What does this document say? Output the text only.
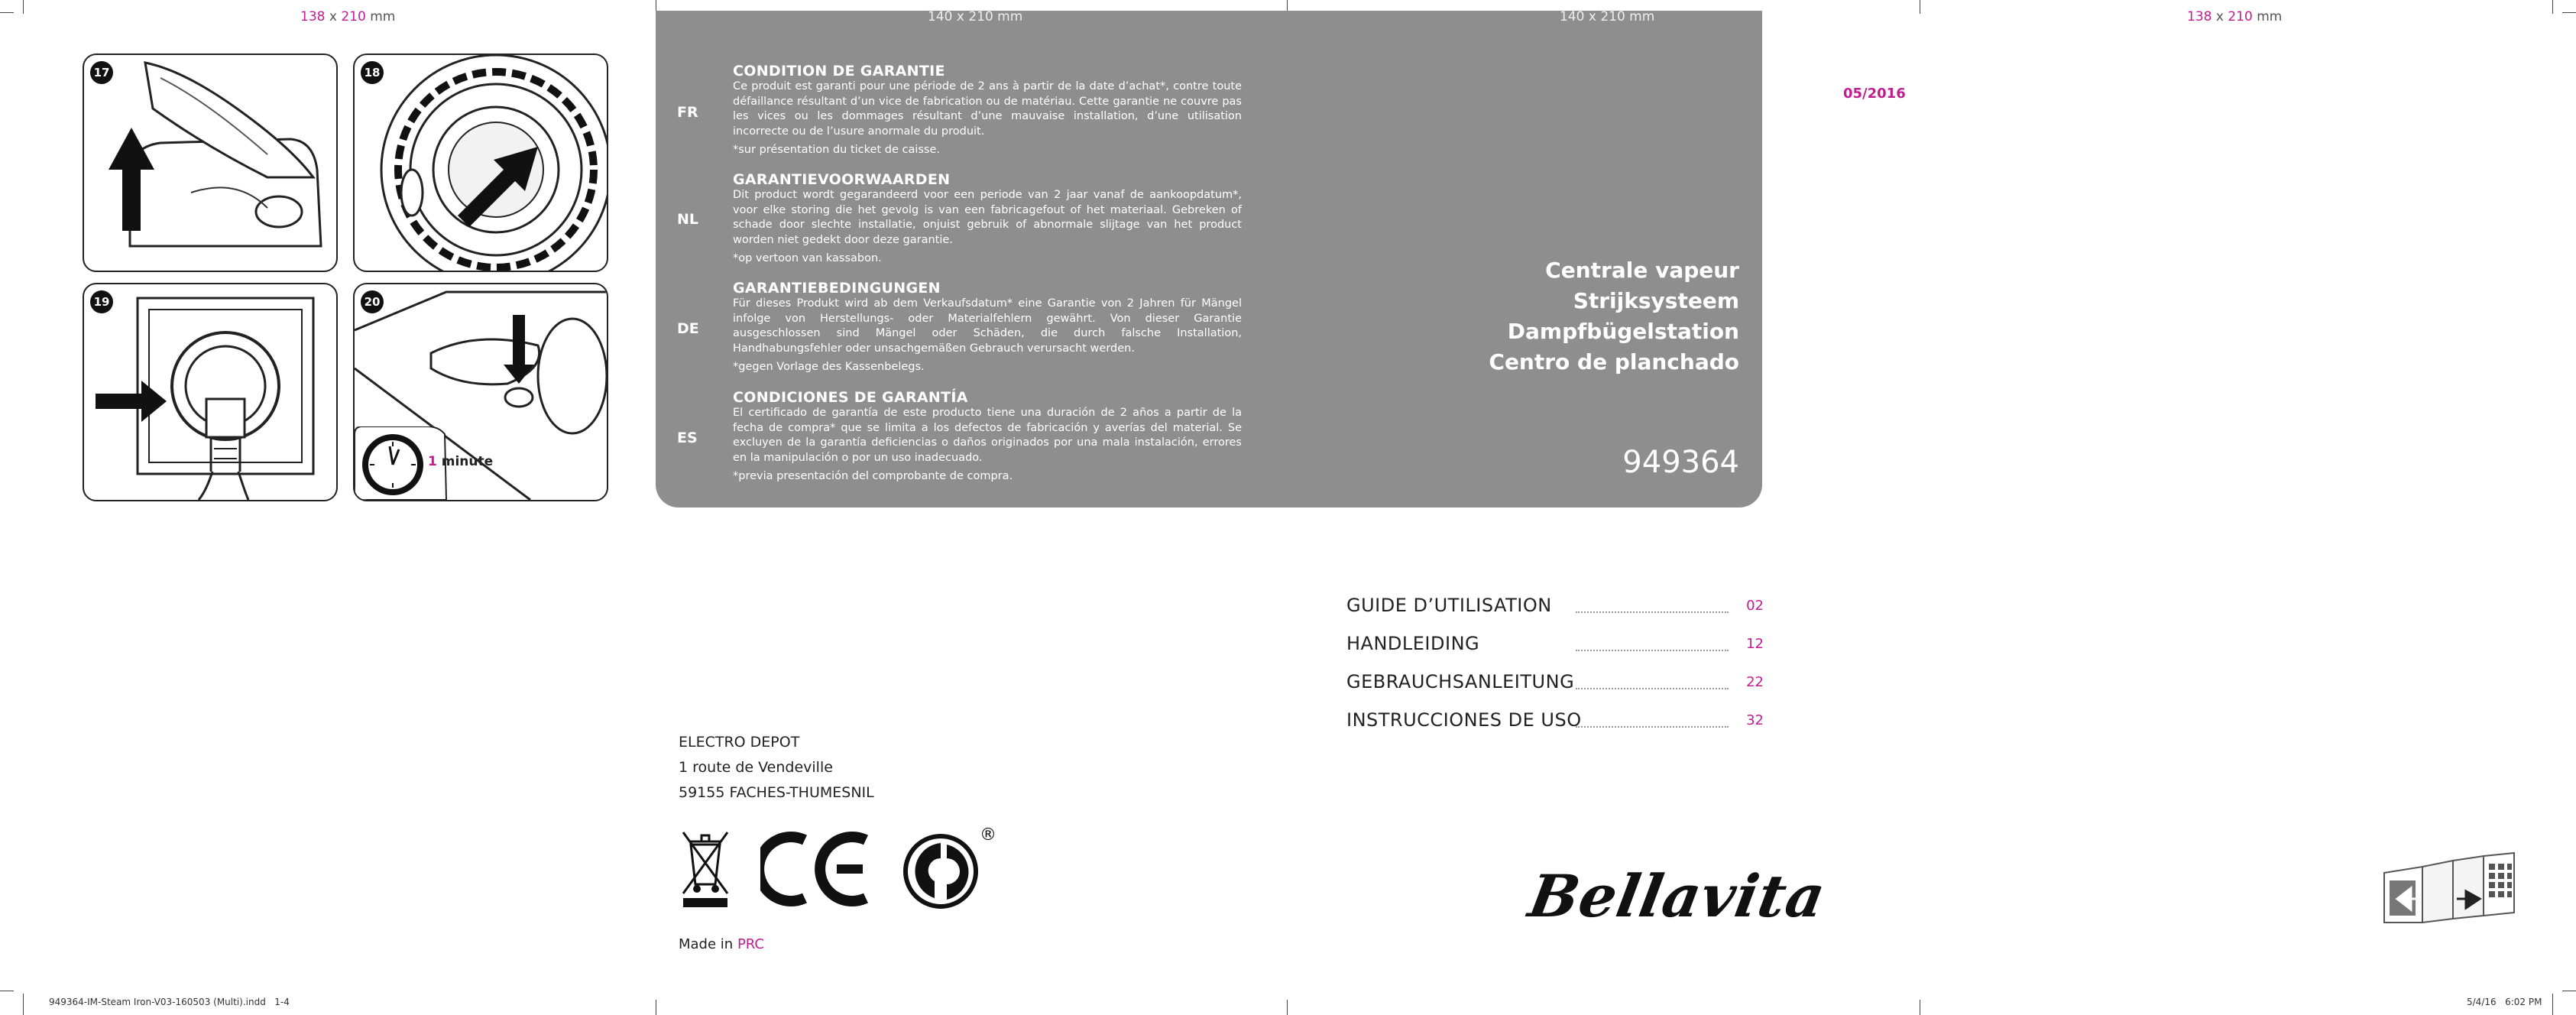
138 x 210 mm	140 x 210 mm	140 x 210 mm	138 x 210 mm
17	18
19
1 minute
20
FR
CONDITION DE GARANTIE

Ce produit est garanti pour une période de 2 ans à partir de la date d’achat*, contre toute défaillance résultant d’un vice de fabrication ou de matériau. Cette garantie ne couvre pas les vices ou les dommages résultant d’une mauvaise installation, d’une utilisation incorrecte ou de l’usure anormale du produit.

*sur présentation du ticket de caisse.

NL
GARANTIEVOORWAARDEN

Dit product wordt gegarandeerd voor een periode van 2 jaar vanaf de aankoopdatum*, voor elke storing die het gevolg is van een fabricagefout of het materiaal. Gebreken of schade door slechte installatie, onjuist gebruik of abnormale slijtage van het product worden niet gedekt door deze garantie.

*op vertoon van kassabon.

DE
GARANTIEBEDINGUNGEN

Für dieses Produkt wird ab dem Verkaufsdatum* eine Garantie von 2 Jahren für Mängel infolge von Herstellungs- oder Materialfehlern gewährt. Von dieser Garantie ausgeschlossen sind Mängel oder Schäden, die durch falsche Installation, Handhabungsfehler oder unsachgemäßen Gebrauch verursacht werden.

*gegen Vorlage des Kassenbelegs.

ES
CONDICIONES DE GARANTÍA

El certificado de garantía de este producto tiene una duración de 2 años a partir de la fecha de compra* que se limita a los defectos de fabricación y averías del material. Se excluyen de la garantía deficiencias o daños originados por una mala instalación, errores en la manipulación o por un uso inadecuado.

*previa presentación del comprobante de compra.

Centrale vapeur
Strijksysteem
Dampfbügelstation
Centro de planchado
949364
05/2016
GUIDE D’UTILISATION	02
HANDLEIDING	12
GEBRAUCHSANLEITUNG	22
INSTRUCCIONES DE USO	32
ELECTRO DEPOT
1 route de Vendeville
59155 FACHES-THUMESNIL
®
Made in PRC
Bellavita
949364-IM-Steam Iron-V03-160503 (Multi).indd   1-4	5/4/16   6:02 PM
